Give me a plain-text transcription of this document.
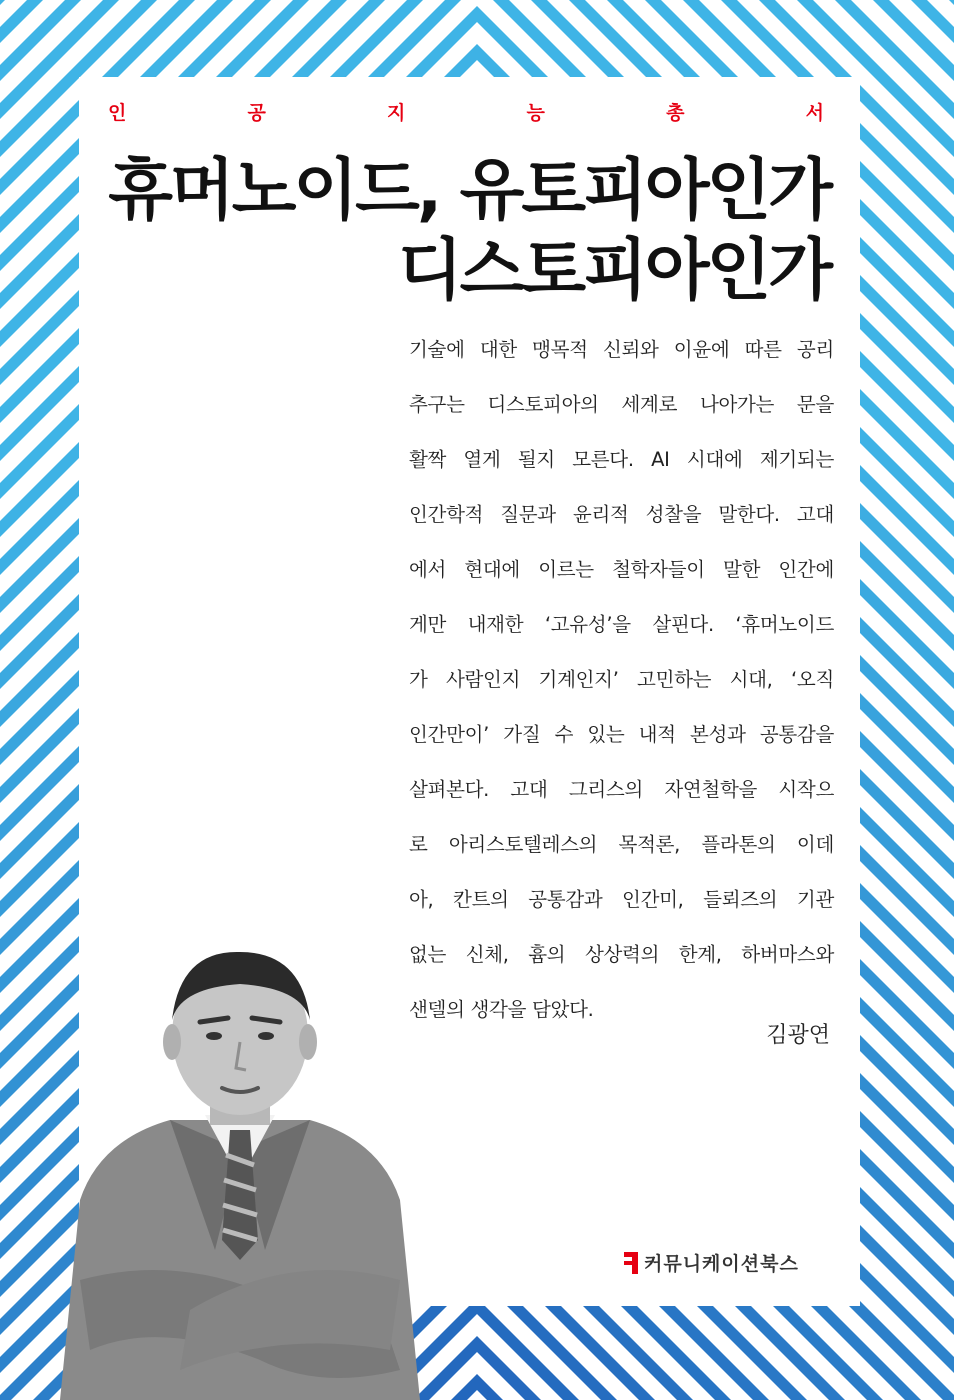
인	공	지	능	총	서
휴머노이드, 유토피아인가
디스토피아인가
기술에 대한 맹목적 신뢰와 이윤에 따른 공리
추구는 디스토피아의 세계로 나아가는 문을
활짝 열게 될지 모른다. AI 시대에 제기되는
인간학적 질문과 윤리적 성찰을 말한다. 고대
에서 현대에 이르는 철학자들이 말한 인간에
게만 내재한 ‘고유성’을 살핀다. ‘휴머노이드
가 사람인지 기계인지’ 고민하는 시대, ‘오직
인간만이’ 가질 수 있는 내적 본성과 공통감을
살펴본다. 고대 그리스의 자연철학을 시작으
로 아리스토텔레스의 목적론, 플라톤의 이데
아, 칸트의 공통감과 인간미, 들뢰즈의 기관
없는 신체, 흄의 상상력의 한계, 하버마스와
샌델의 생각을 담았다.
김광연
커뮤니케이션북스
